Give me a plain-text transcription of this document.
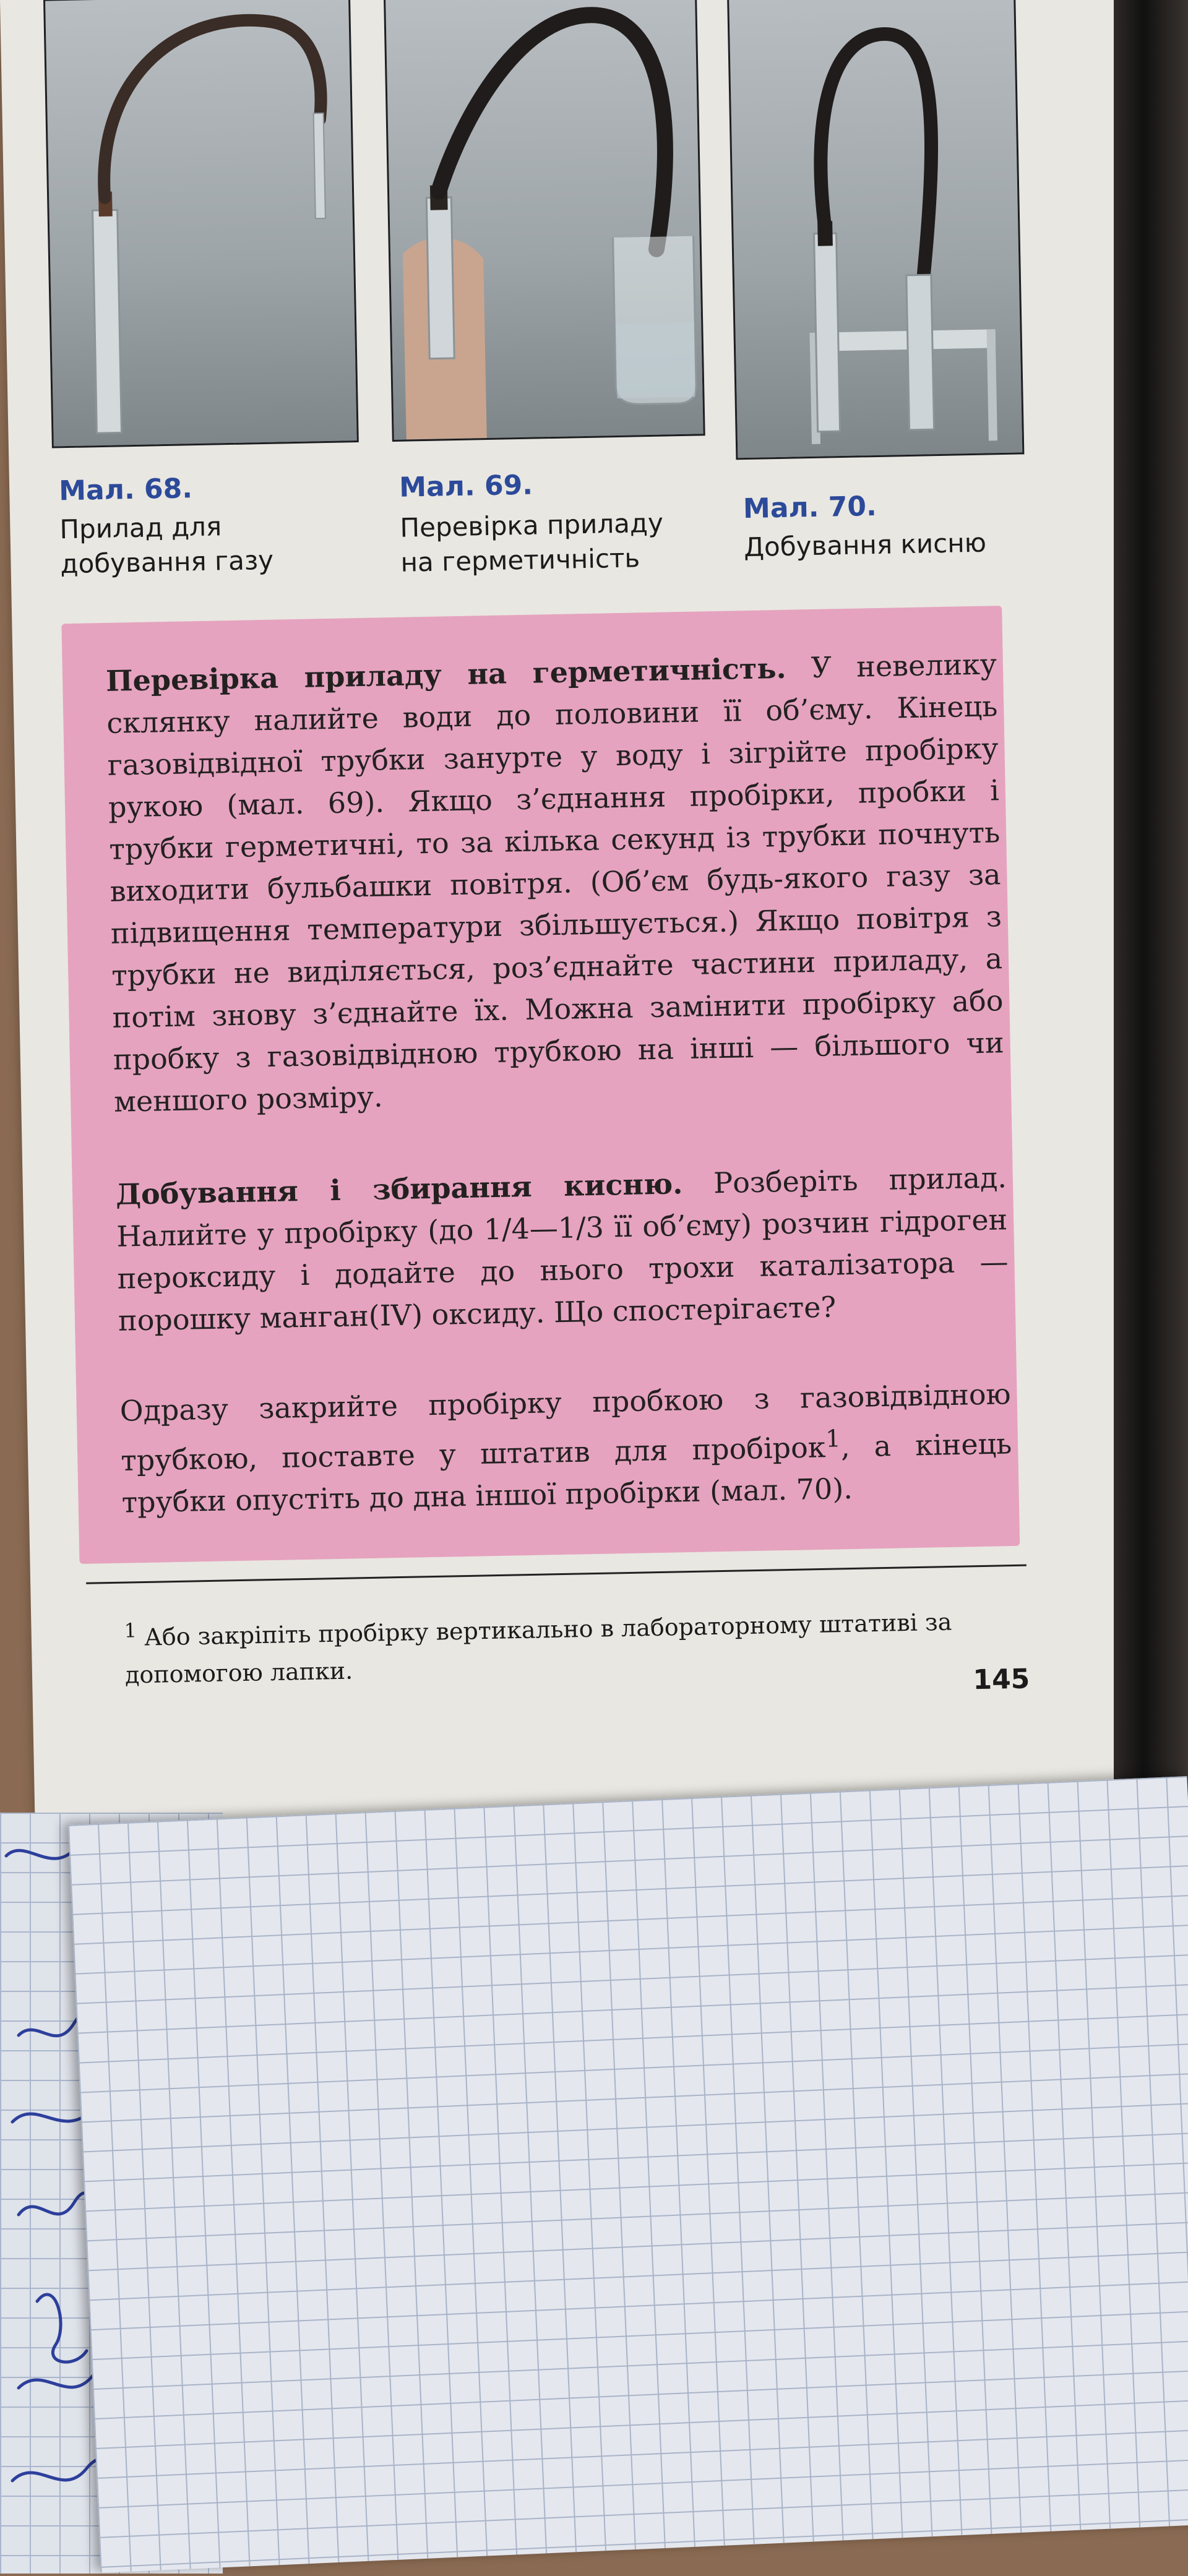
Мал. 68.
Прилад для
добування газу
Мал. 69.
Перевірка приладу
на герметичність
Мал. 70.
Добування кисню

Перевірка приладу на герметичність. У невелику склянку налийте води до половини її об’єму. Кінець газовідвідної трубки занурте у воду і зігрійте пробірку рукою (мал. 69). Якщо з’єднання пробірки, пробки і трубки герметичні, то за кілька секунд із трубки почнуть виходити бульбашки повітря. (Об’єм будь-якого газу за підвищення температури збільшується.) Якщо повітря з трубки не виділяється, роз’єднайте частини приладу, а потім знову з’єднайте їх. Можна замінити пробірку або пробку з газовідвідною трубкою на інші — більшого чи меншого розміру.

Добування і збирання кисню. Розберіть прилад. Налийте у пробірку (до 1/4—1/3 її об’єму) розчин гідроген пероксиду і додайте до нього трохи каталізатора — порошку манган(IV) оксиду. Що спостерігаєте?

Одразу закрийте пробірку пробкою з газовідвідною трубкою, поставте у штатив для пробірок$^1$, а кінець трубки опустіть до дна іншої пробірки (мал. 70).

$^1$ Або закріпіть пробірку вертикально в лабораторному штативі за допомогою лапки.	145
